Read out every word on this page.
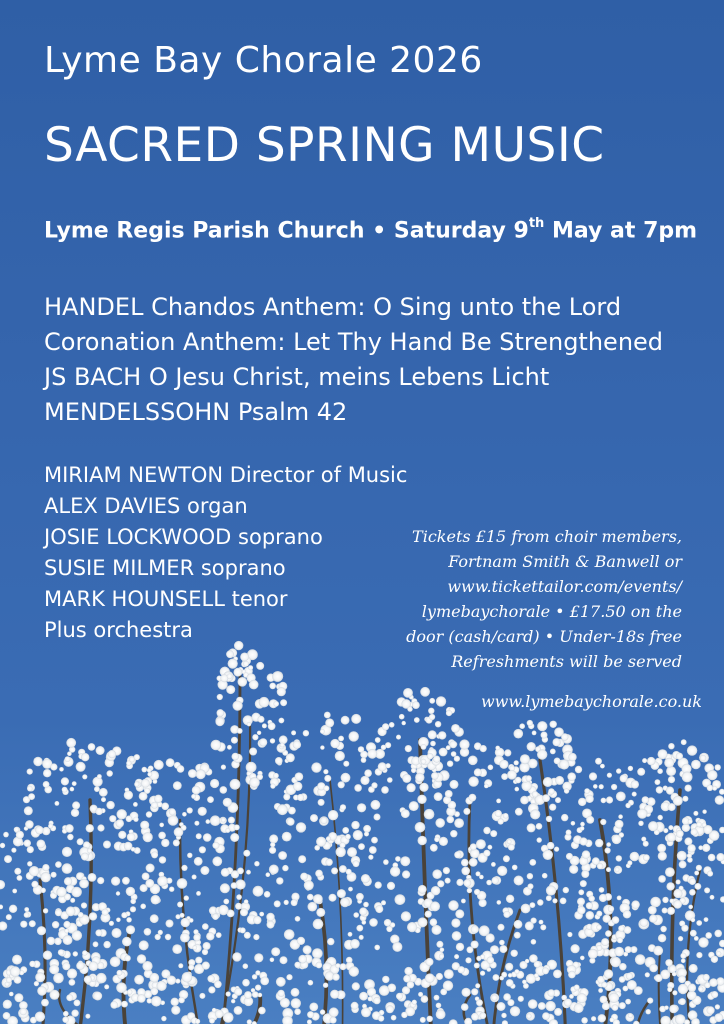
Lyme Bay Chorale 2026
SACRED SPRING MUSIC
Lyme Regis Parish Church • Saturday 9th May at 7pm
HANDEL Chandos Anthem: O Sing unto the Lord
Coronation Anthem: Let Thy Hand Be Strengthened
JS BACH O Jesu Christ, meins Lebens Licht
MENDELSSOHN Psalm 42
MIRIAM NEWTON Director of Music
ALEX DAVIES organ
JOSIE LOCKWOOD soprano
SUSIE MILMER soprano
MARK HOUNSELL tenor
Plus orchestra
Tickets £15 from choir members,
Fortnam Smith & Banwell or
www.tickettailor.com/events/
lymebaychorale • £17.50 on the
door (cash/card) • Under-18s free
Refreshments will be served
www.lymebaychorale.co.uk
